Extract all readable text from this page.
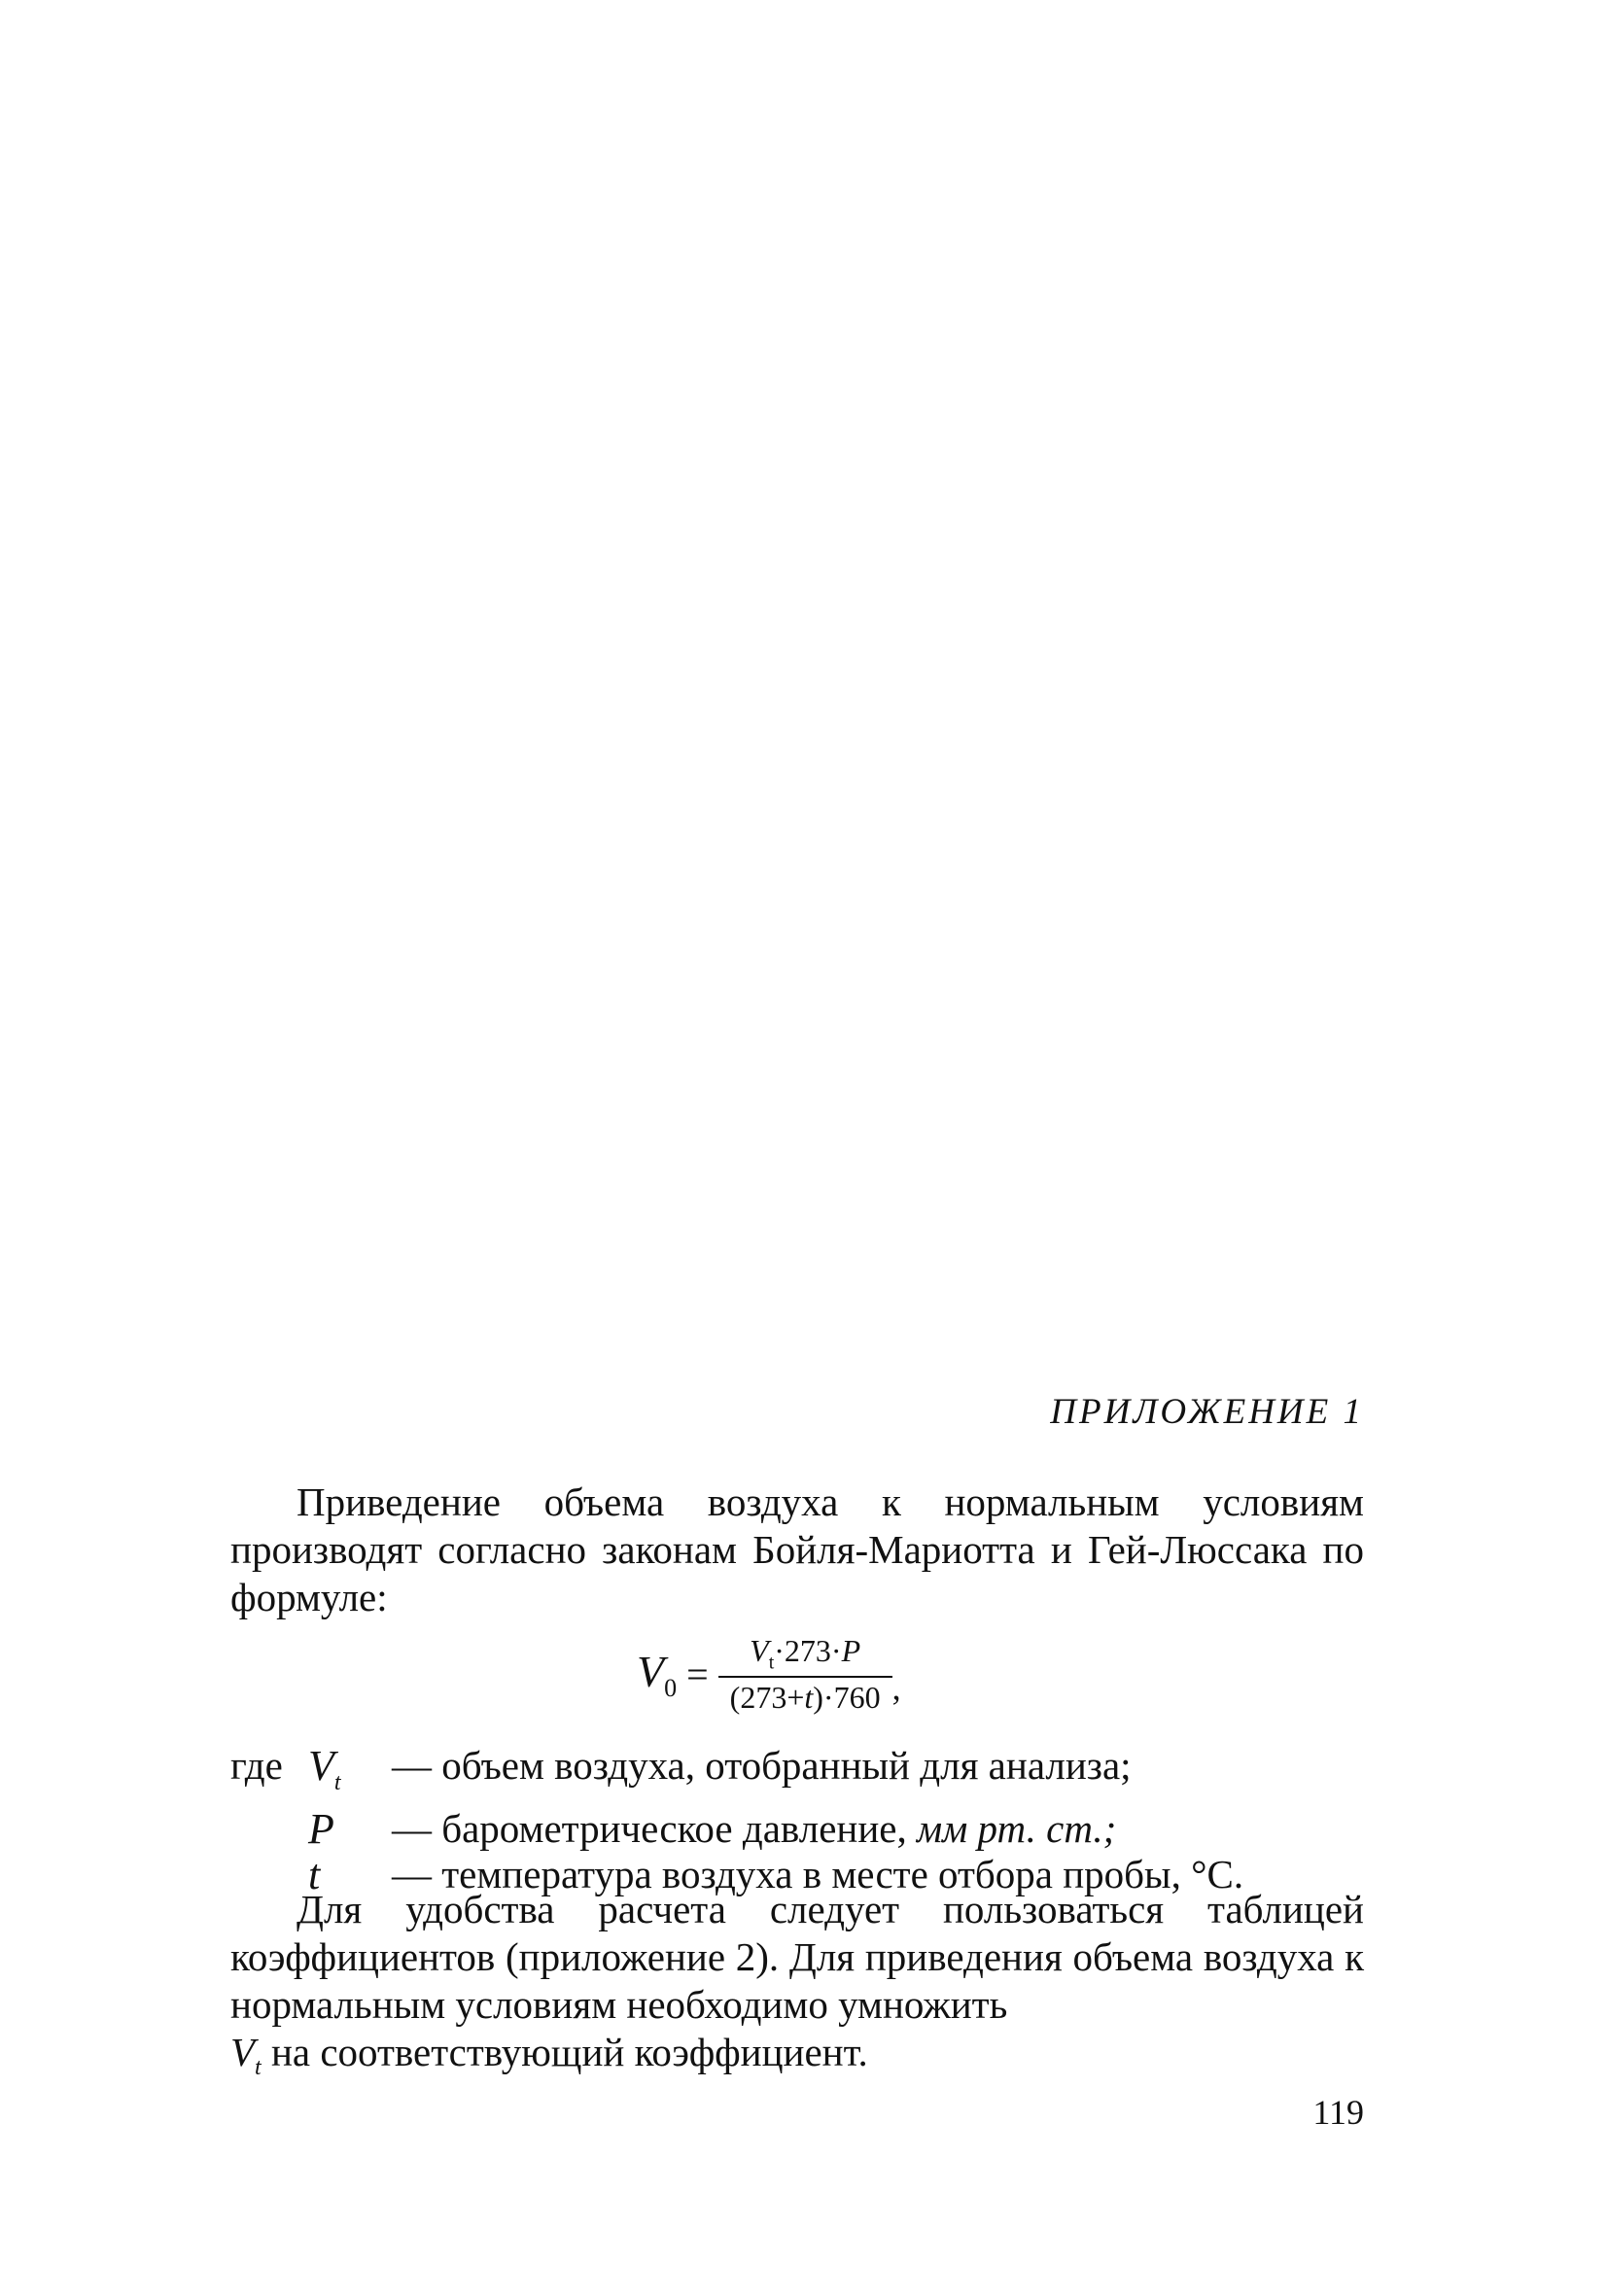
ПРИЛОЖЕНИЕ 1

Приведение объема воздуха к нормальным условиям производят согласно законам Бойля-Мариотта и Гей-Люссака по формуле:

$V_0 = \frac{V_t\cdot 273\cdot P}{(273+t)\cdot 760}$ ,
где $V_t$	— объем воздуха, отобранный для анализа;
P	— барометрическое давление, мм рт. ст.;
t	— температура воздуха в месте отбора пробы, °С.

Для удобства расчета следует пользоваться таблицей коэффициентов (приложение 2). Для приведения объема воздуха к нормальным условиям необходимо умножить
$V_t$ на соответствующий коэффициент.

119
